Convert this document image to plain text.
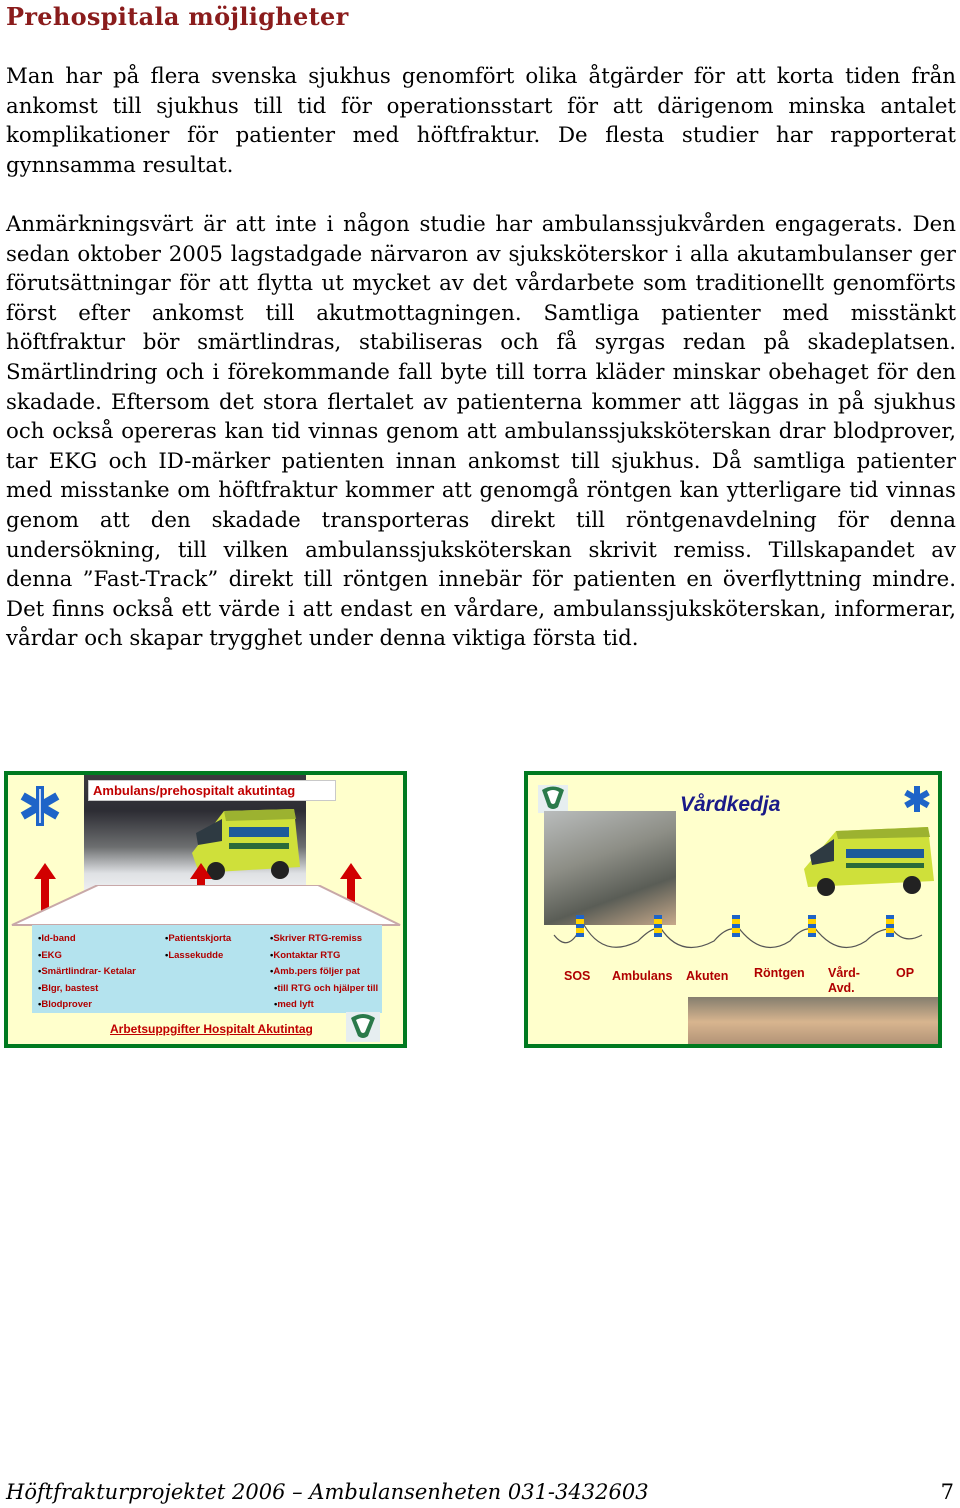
Prehospitala möjligheter

Man har på flera svenska sjukhus genomfört olika åtgärder för att korta tiden från ankomst till sjukhus till tid för operationsstart för att därigenom minska antalet komplikationer för patienter med höftfraktur. De flesta studier har rapporterat gynnsamma resultat.

Anmärkningsvärt är att inte i någon studie har ambulanssjukvården engagerats. Den sedan oktober 2005 lagstadgade närvaron av sjuksköterskor i alla akutambulanser ger förutsättningar för att flytta ut mycket av det vårdarbete som traditionellt genomförts först efter ankomst till akutmottagningen. Samtliga patienter med misstänkt höftfraktur bör smärtlindras, stabiliseras och få syrgas redan på skadeplatsen. Smärtlindring och i förekommande fall byte till torra kläder minskar obehaget för den skadade. Eftersom det stora flertalet av patienterna kommer att läggas in på sjukhus och också opereras kan tid vinnas genom att ambulanssjuksköterskan drar blodprover, tar EKG och ID-märker patienten innan ankomst till sjukhus. Då samtliga patienter med misstanke om höftfraktur kommer att genomgå röntgen kan ytterligare tid vinnas genom att den skadade transporteras direkt till röntgenavdelning för denna undersökning, till vilken ambulanssjuksköterskan skrivit remiss. Tillskapandet av denna ”Fast-Track” direkt till röntgen innebär för patienten en överflyttning mindre. Det finns också ett värde i att endast en vårdare, ambulanssjuksköterskan, informerar, vårdar och skapar trygghet under denna viktiga första tid.

Ambulans/prehospitalt akutintag
• Id-band
• EKG
• Smärtlindrar- Ketalar
• Blgr, bastest
• Blodprover
• Patientskjorta
• Lassekudde
• Skriver RTG-remiss
• Kontaktar RTG
• Amb.pers följer pat
• till RTG och hjälper till
• med lyft
Arbetsuppgifter Hospitalt Akutintag
Vårdkedja
SOS Ambulans Akuten Röntgen Vård-
Avd.
OP
Höftfrakturprojektet 2006 – Ambulansenheten 031-3432603	7
